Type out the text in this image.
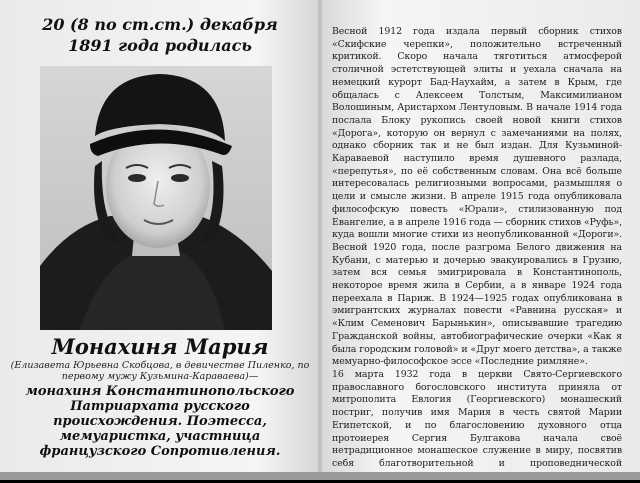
20 (8 по ст.ст.) декабря
1891 года родилась
Монахиня Мария
(Елизавета Юрьевна Скобцова, в девичестве Пиленко, по первому мужу Кузьмина-Караваева)—
монахиня Константинопольского Патриархата русского происхождения. Поэтесса, мемуаристка, участница французского Сопротивления.
Весной 1912 года издала первый сборник стихов «Скифские черепки», положительно встреченный критикой. Скоро начала тяготиться атмосферой столичной эстетствующей элиты и уехала сначала на немецкий курорт Бад-Наухайм, а затем в Крым, где общалась с Алексеем Толстым, Максимилианом Волошиным, Аристархом Лентуловым. В начале 1914 года послала Блоку рукопись своей новой книги стихов «Дорога», которую он вернул с замечаниями на полях, однако сборник так и не был издан. Для Кузьминой-Караваевой наступило время душевного разлада, «перепутья», по её собственным словам. Она всё больше интересовалась религиозными вопросами, размышляя о цели и смысле жизни. В апреле 1915 года опубликовала философскую повесть «Юрали», стилизованную под Евангелие, а в апреле 1916 года — сборник стихов «Руфь», куда вошли многие стихи из неопубликованной «Дороги». Весной 1920 года, после разгрома Белого движения на Кубани, с матерью и дочерью эвакуировались в Грузию, затем вся семья эмигрировала в Константинополь, некоторое время жила в Сербии, а в январе 1924 года переехала в Париж. В 1924—1925 годах опубликована в эмигрантских журналах повести «Равнина русская» и «Клим Семенович Барынькин», описывавшие трагедию Гражданской войны, автобиографические очерки «Как я была городским головой» и «Друг моего детства», а также мемуарно-философское эссе «Последние римляне».
16 марта 1932 года в церкви Свято-Сергиевского православного богословского института приняла от митрополита Евлогия (Георгиевского) монашеский постриг, получив имя Мария в честь святой Марии Египетской, и по благословению духовного отца протоиерея Сергия Булгакова начала своё нетрадиционное монашеское служение в миру, посвятив себя благотворительной и проповеднической
